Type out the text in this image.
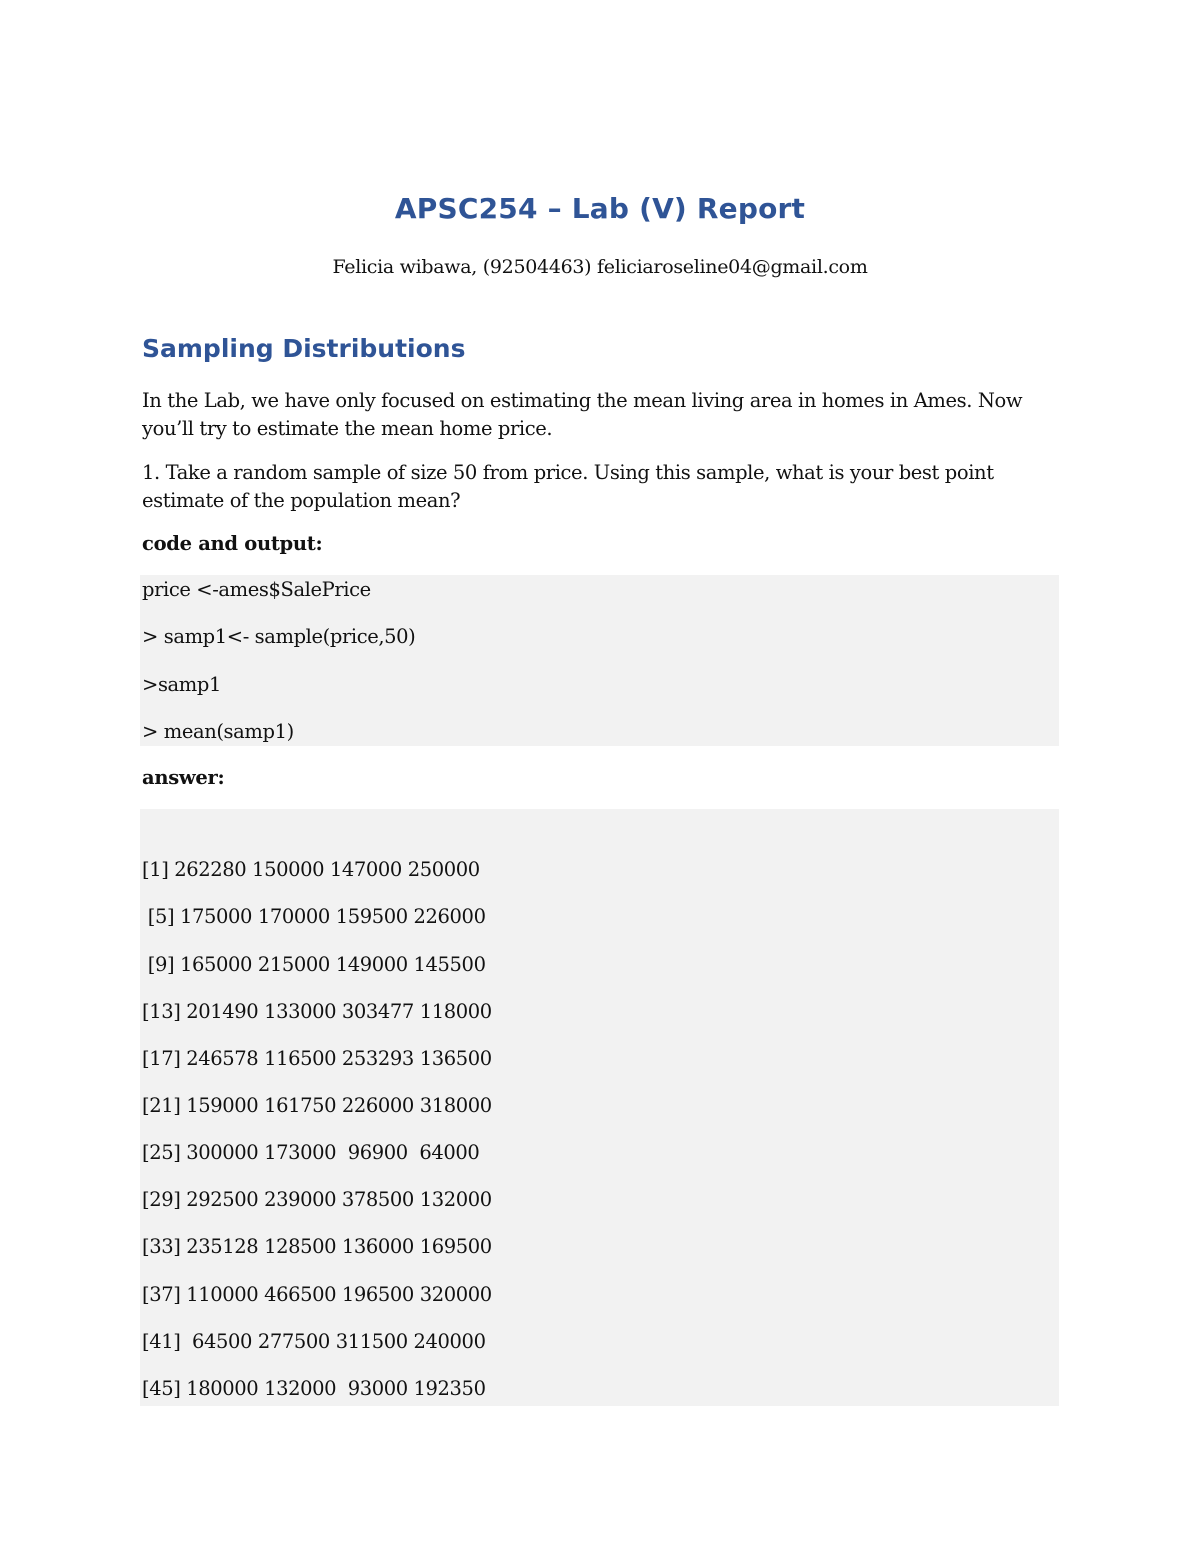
APSC254 – Lab (V) Report
Felicia wibawa, (92504463) feliciaroseline04@gmail.com
Sampling Distributions
In the Lab, we have only focused on estimating the mean living area in homes in Ames. Now you’ll try to estimate the mean home price.
1. Take a random sample of size 50 from price. Using this sample, what is your best point estimate of the population mean?
code and output:
price <-ames$SalePrice
> samp1<- sample(price,50)
>samp1
> mean(samp1)
answer:
[1] 262280 150000 147000 250000
[5] 175000 170000 159500 226000
[9] 165000 215000 149000 145500
[13] 201490 133000 303477 118000
[17] 246578 116500 253293 136500
[21] 159000 161750 226000 318000
[25] 300000 173000  96900  64000
[29] 292500 239000 378500 132000
[33] 235128 128500 136000 169500
[37] 110000 466500 196500 320000
[41]  64500 277500 311500 240000
[45] 180000 132000  93000 192350
